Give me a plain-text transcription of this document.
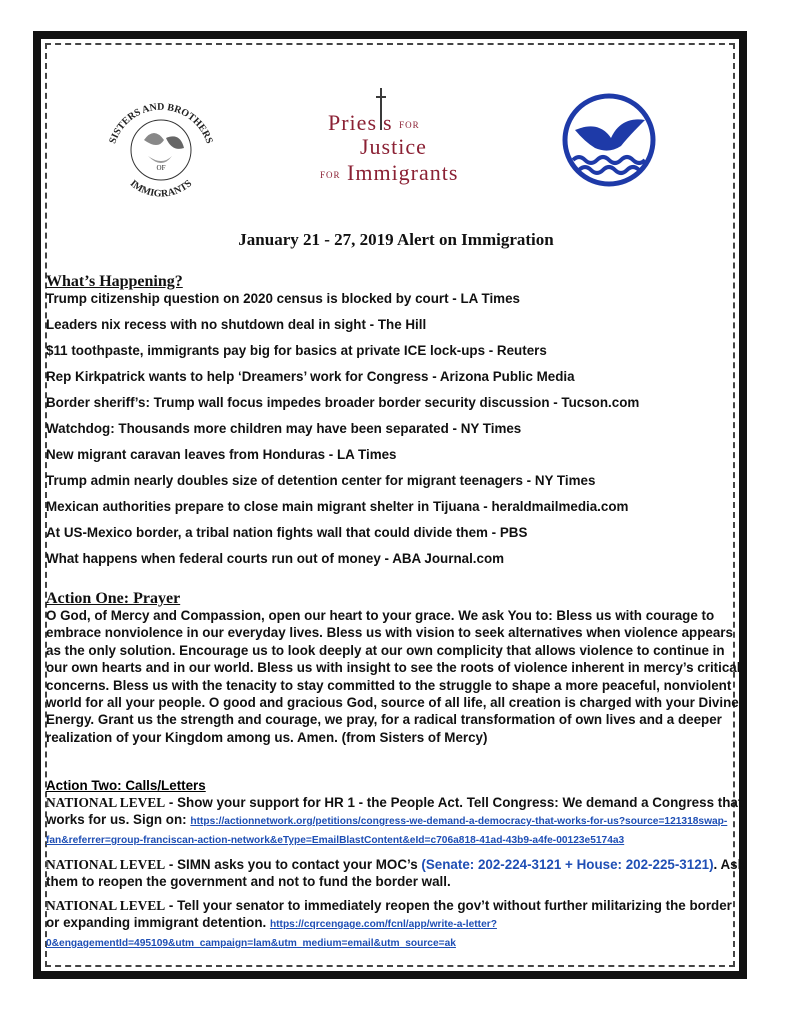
SISTERS AND BROTHERS
OF
IMMIGRANTS
Pries s FOR
Justice
FOR Immigrants
January 21 - 27, 2019 Alert on Immigration

What’s Happening?

Trump citizenship question on 2020 census is blocked by court - LA Times

Leaders nix recess with no shutdown deal in sight - The Hill

$11 toothpaste, immigrants pay big for basics at private ICE lock-ups - Reuters

Rep Kirkpatrick wants to help ‘Dreamers’ work for Congress - Arizona Public Media

Border sheriff’s: Trump wall focus impedes broader border security discussion - Tucson.com

Watchdog: Thousands more children may have been separated - NY Times

New migrant caravan leaves from Honduras - LA Times

Trump admin nearly doubles size of detention center for migrant teenagers - NY Times

Mexican authorities prepare to close main migrant shelter in Tijuana - heraldmailmedia.com

At US-Mexico border, a tribal nation fights wall that could divide them - PBS

What happens when federal courts run out of money - ABA Journal.com

Action One: Prayer

O God, of Mercy and Compassion, open our heart to your grace. We ask You to: Bless us with courage to embrace nonviolence in our everyday lives. Bless us with vision to seek alternatives when violence appears as the only solution. Encourage us to look deeply at our own complicity that allows violence to continue in our own hearts and in our world. Bless us with insight to see the roots of violence inherent in mercy’s critical concerns. Bless us with the tenacity to stay committed to the struggle to shape a more peaceful, nonviolent world for all your people. O good and gracious God, source of all life, all creation is charged with your Divine Energy. Grant us the strength and courage, we pray, for a radical transformation of own lives and a deeper realization of your Kingdom among us. Amen. (from Sisters of Mercy)

Action Two: Calls/Letters

NATIONAL LEVEL - Show your support for HR 1 - the People Act. Tell Congress: We demand a Congress that works for us. Sign on: https://actionnetwork.org/petitions/congress-we-demand-a-democracy-that-works-for-us?source=121318swap-fan&referrer=group-franciscan-action-network&eType=EmailBlastContent&eId=c706a818-41ad-43b9-a4fe-00123e5174a3

NATIONAL LEVEL - SIMN asks you to contact your MOC’s (Senate: 202-224-3121 + House: 202-225-3121). Ask them to reopen the government and not to fund the border wall.

NATIONAL LEVEL - Tell your senator to immediately reopen the gov’t without further militarizing the border or expanding immigrant detention. https://cqrcengage.com/fcnl/app/write-a-letter?0&engagementId=495109&utm_campaign=lam&utm_medium=email&utm_source=ak
